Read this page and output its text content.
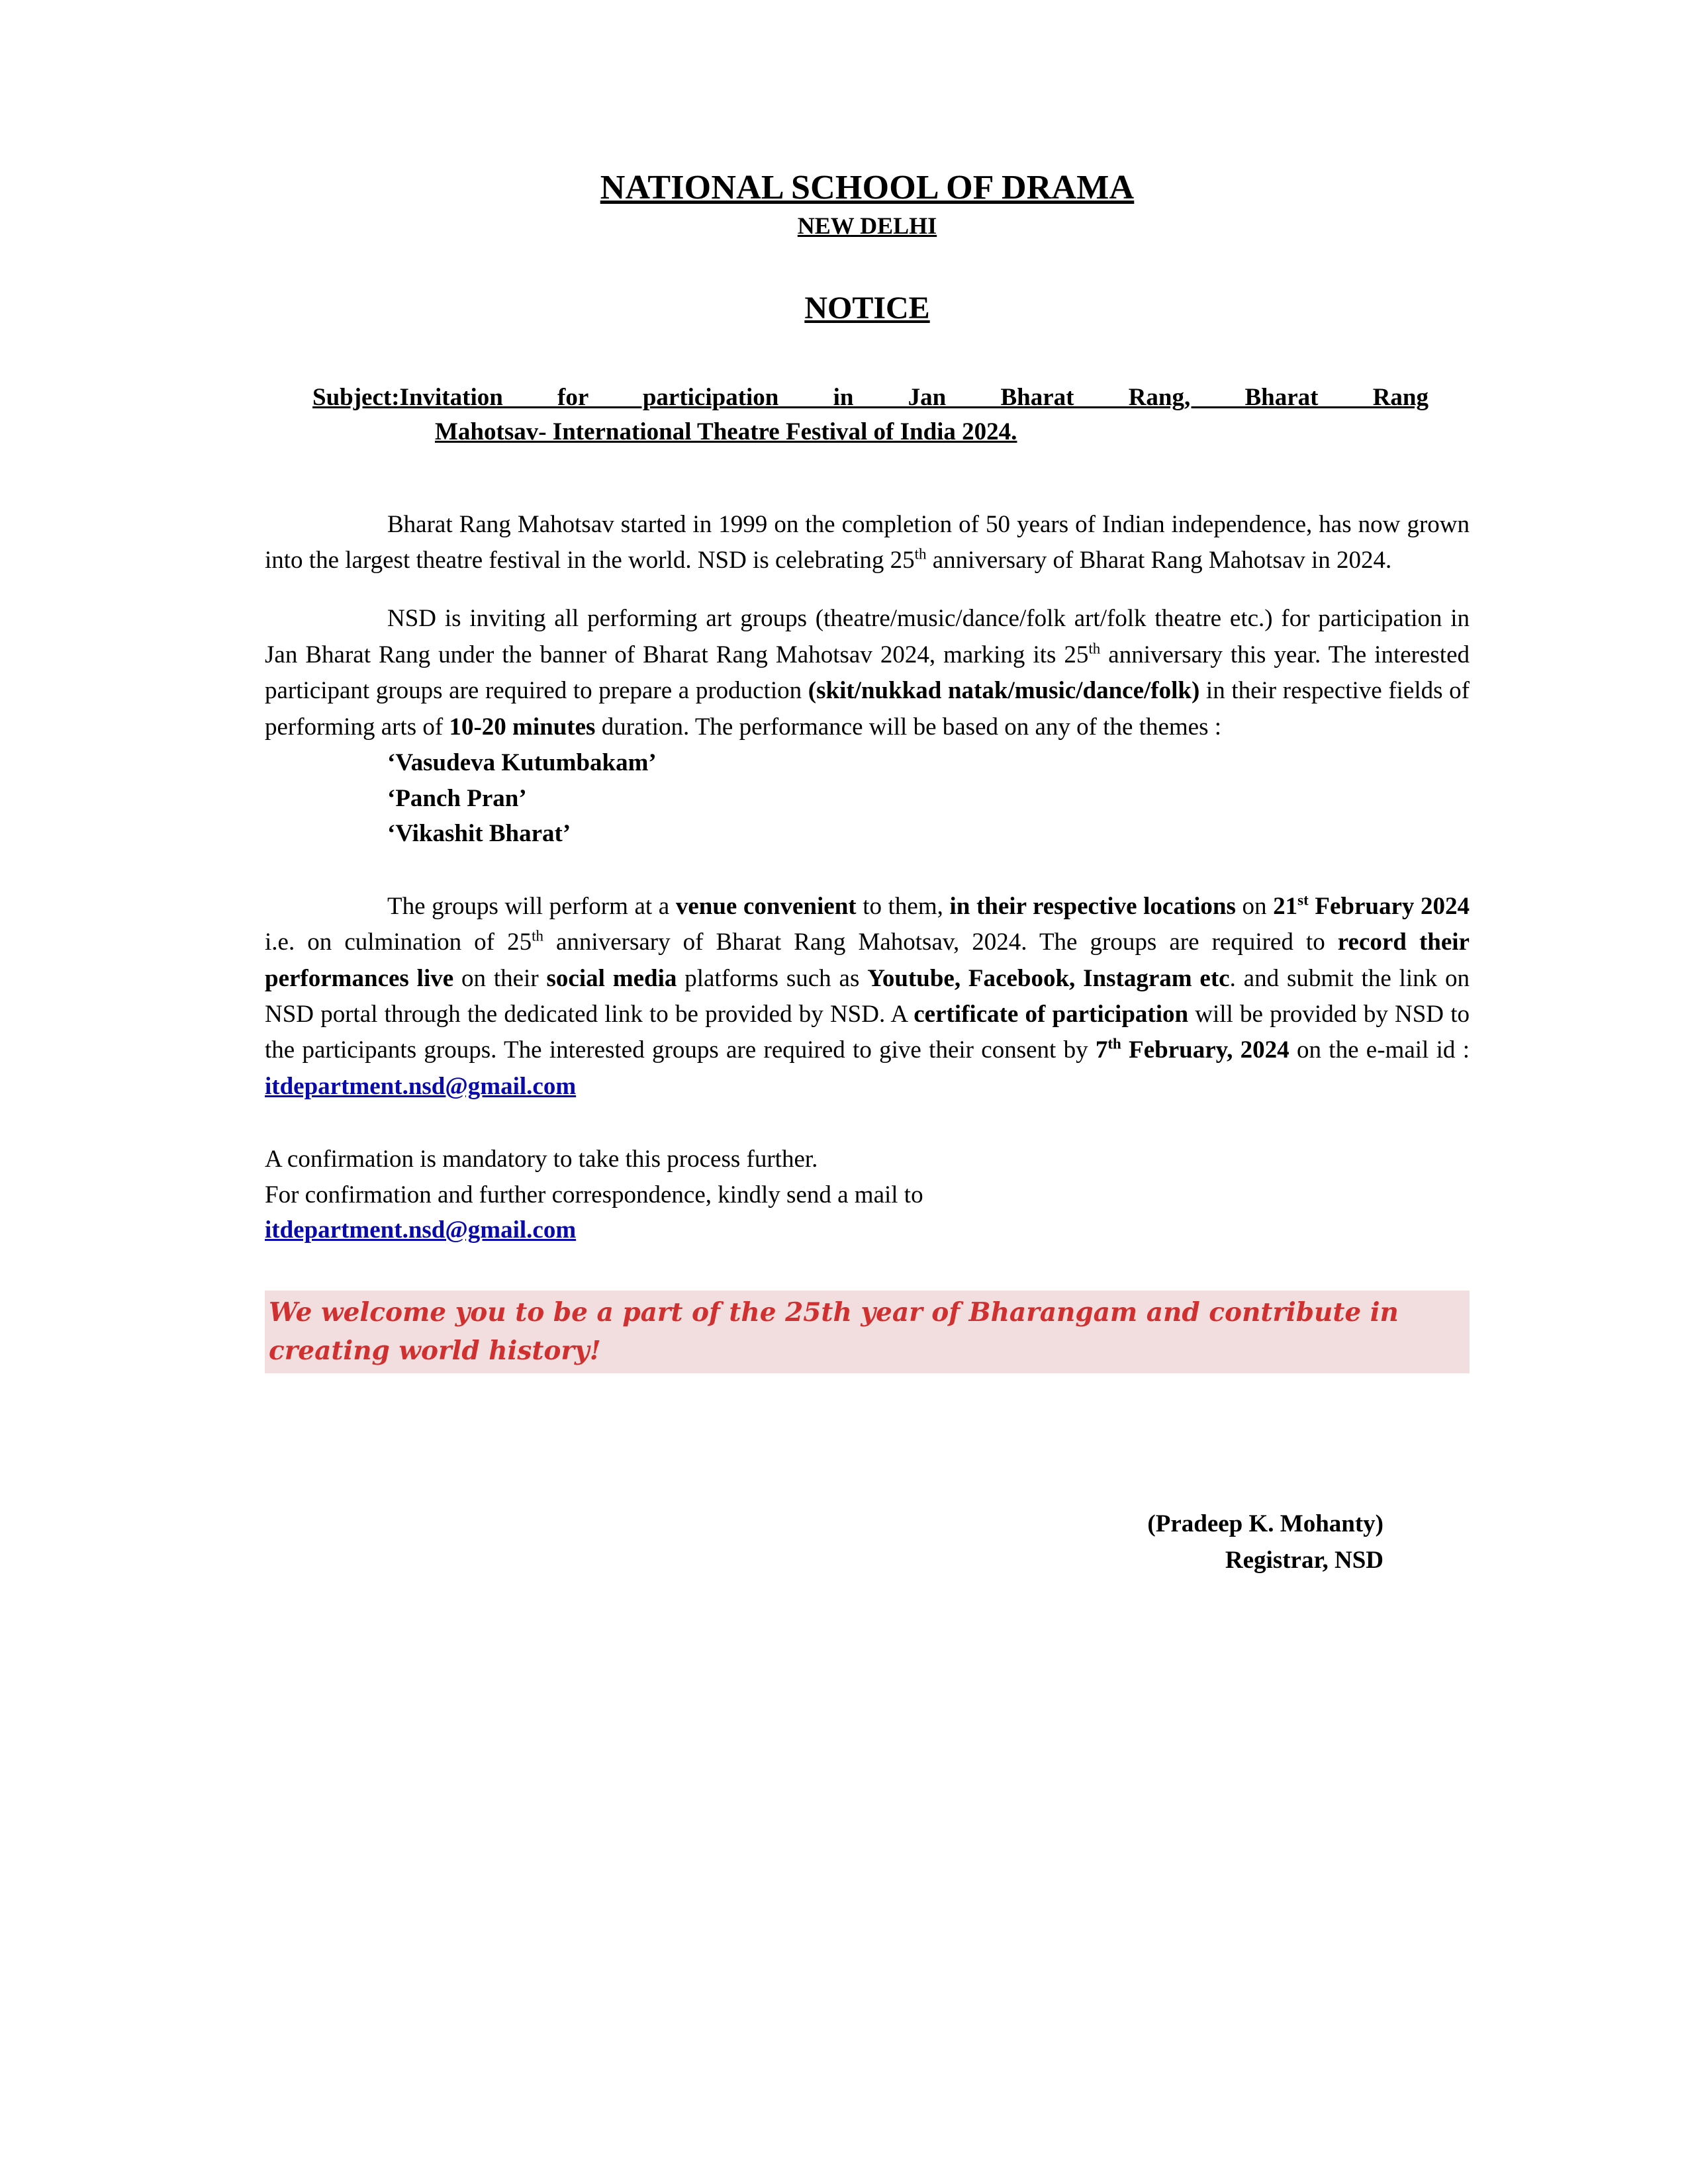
NATIONAL SCHOOL OF DRAMA
NEW DELHI
NOTICE
Subject:Invitation for participation in Jan Bharat Rang, Bharat Rang
Mahotsav- International Theatre Festival of India 2024.

Bharat Rang Mahotsav started in 1999 on the completion of 50 years of Indian independence, has now grown into the largest theatre festival in the world. NSD is celebrating 25th anniversary of Bharat Rang Mahotsav in 2024.

NSD is inviting all performing art groups (theatre/music/dance/folk art/folk theatre etc.) for participation in Jan Bharat Rang under the banner of Bharat Rang Mahotsav 2024, marking its 25th anniversary this year. The interested participant groups are required to prepare a production (skit/nukkad natak/music/dance/folk) in their respective fields of performing arts of 10-20 minutes duration. The performance will be based on any of the themes :

‘Vasudeva Kutumbakam’
‘Panch Pran’
‘Vikashit Bharat’

The groups will perform at a venue convenient to them, in their respective locations on 21st February 2024 i.e. on culmination of 25th anniversary of Bharat Rang Mahotsav, 2024. The groups are required to record their performances live on their social media platforms such as Youtube, Facebook, Instagram etc. and submit the link on NSD portal through the dedicated link to be provided by NSD. A certificate of participation will be provided by NSD to the participants groups. The interested groups are required to give their consent by 7th February, 2024 on the e-mail id : itdepartment.nsd@gmail.com

A confirmation is mandatory to take this process further.
For confirmation and further correspondence, kindly send a mail to
itdepartment.nsd@gmail.com
We welcome you to be a part of the 25th year of Bharangam and contribute in creating world history!
(Pradeep K. Mohanty)
Registrar, NSD
